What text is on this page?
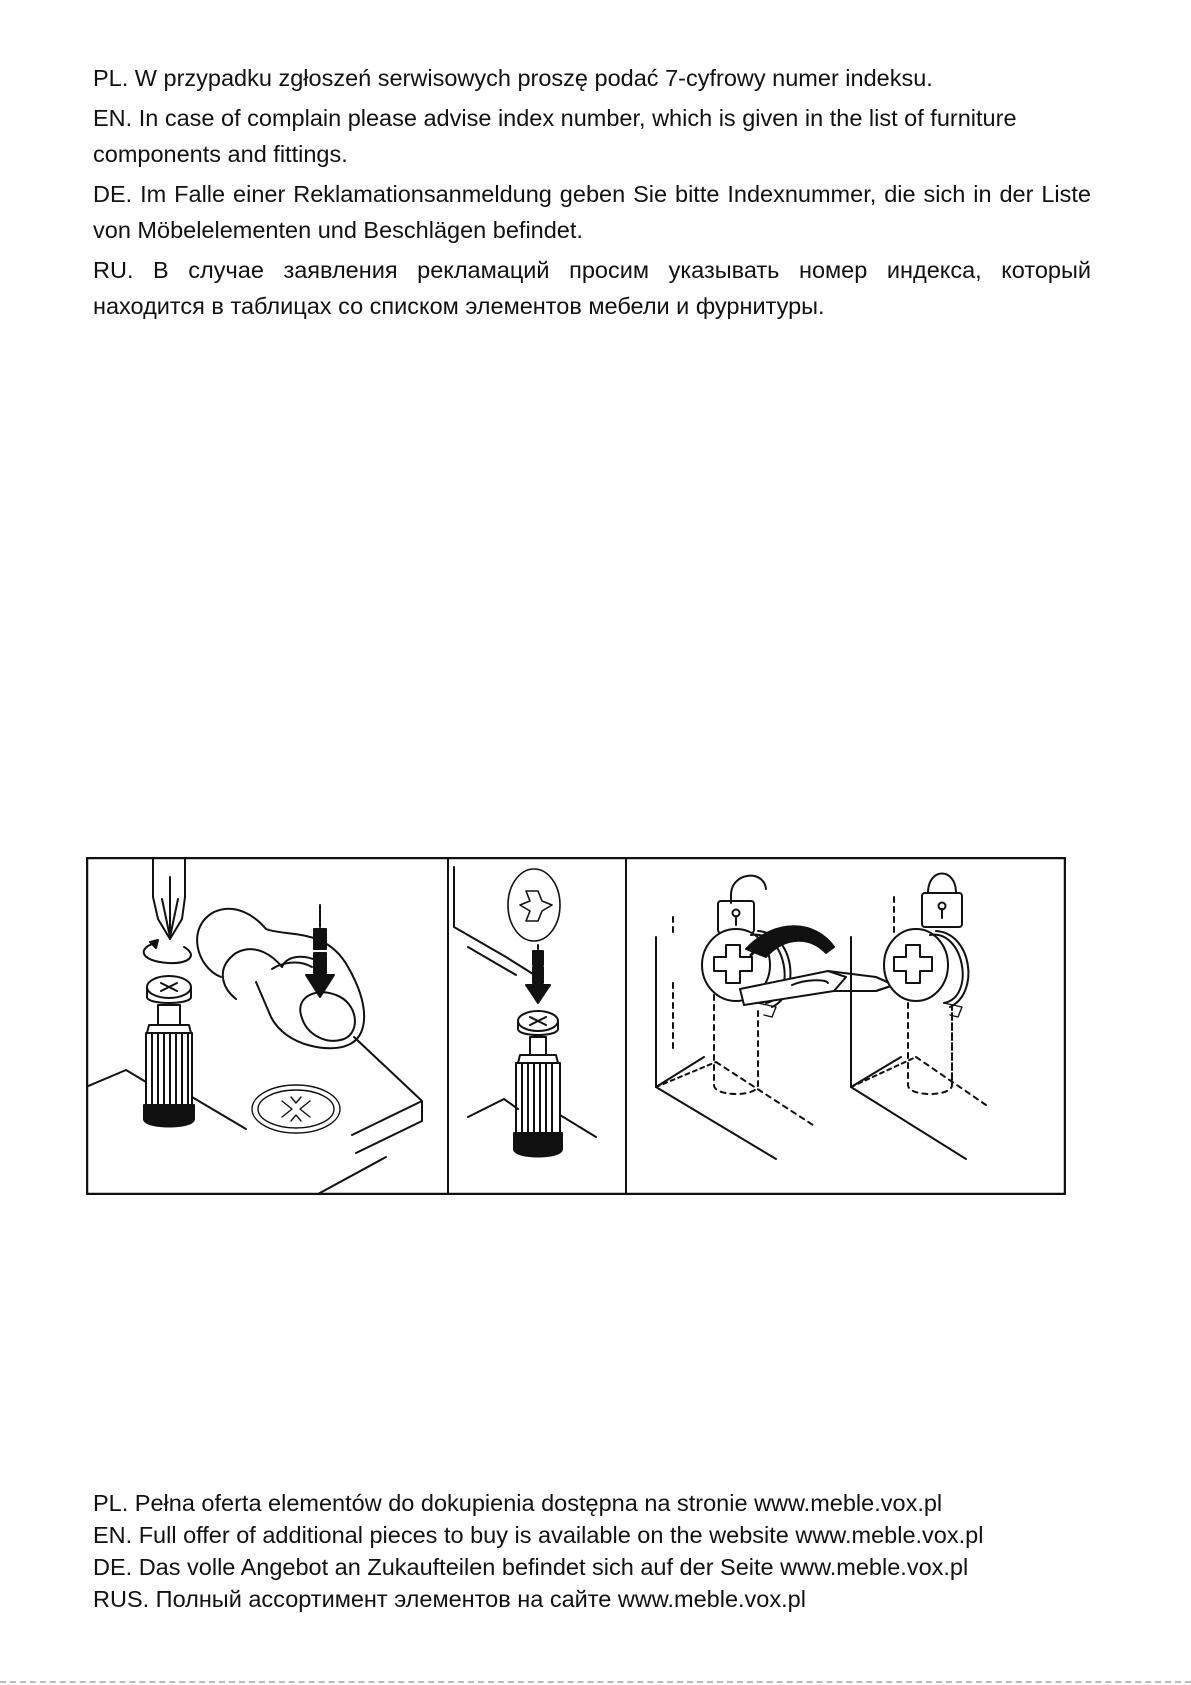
PL. W przypadku zgłoszeń serwisowych proszę podać 7-cyfrowy numer indeksu.

EN. In case of complain please advise index number, which is given in the list of furniture components and fittings.

DE. Im Falle einer Reklamationsanmeldung geben Sie bitte Indexnummer, die sich in der Liste von Möbelelementen und Beschlägen befindet.

RU. В случае заявления рекламаций просим указывать номер индекса, который находится в таблицах со списком элементов мебели и фурнитуры.

PL. Pełna oferta elementów do dokupienia dostępna na stronie www.meble.vox.pl
EN. Full offer of additional pieces to buy is available on the website www.meble.vox.pl
DE. Das volle Angebot an Zukaufteilen befindet sich auf der Seite www.meble.vox.pl
RUS. Полный ассортимент элементов на сайте www.meble.vox.pl
